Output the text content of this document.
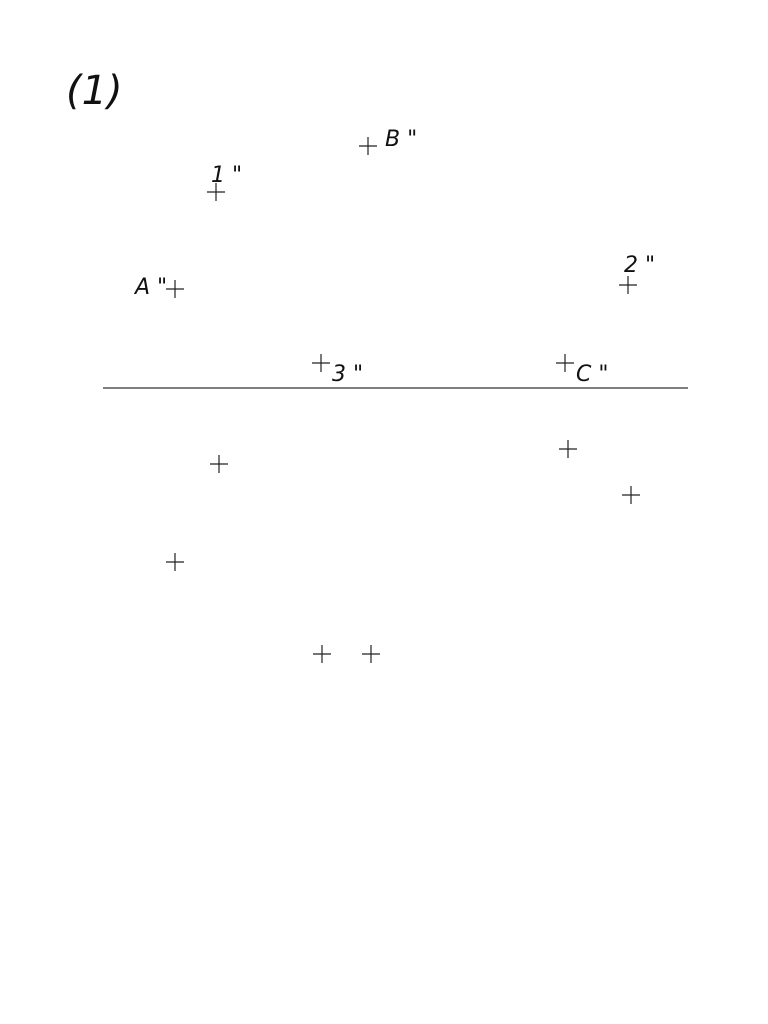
(1)
B "
1 "
2 "
A "
3 "	C "
